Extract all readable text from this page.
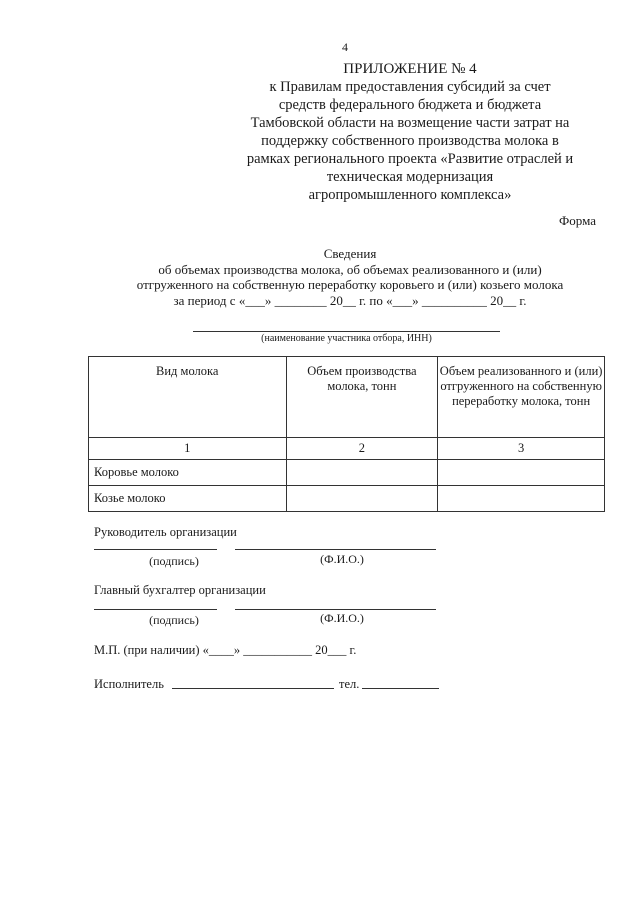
4
ПРИЛОЖЕНИЕ № 4
к Правилам предоставления субсидий за счет
средств федерального бюджета и бюджета
Тамбовской области на возмещение части затрат на
поддержку собственного производства молока в
рамках регионального проекта «Развитие отраслей и
техническая модернизация
агропромышленного комплекса»
Форма
Сведения
об объемах производства молока, об объемах реализованного и (или)
отгруженного на собственную переработку коровьего и (или) козьего молока
за период с «___» ________ 20__ г. по «___» __________ 20__ г.
(наименование участника отбора, ИНН)
Вид молока	Объем производства молока, тонн	Объем реализованного и (или) отгруженного на собственную переработку молока, тонн
1	2	3
Коровье молоко		
Козье молоко		
Руководитель организации
(подпись)	(Ф.И.О.)
Главный бухгалтер организации
(подпись)	(Ф.И.О.)
М.П. (при наличии) «____» ___________ 20___ г.
Исполнитель	тел.
